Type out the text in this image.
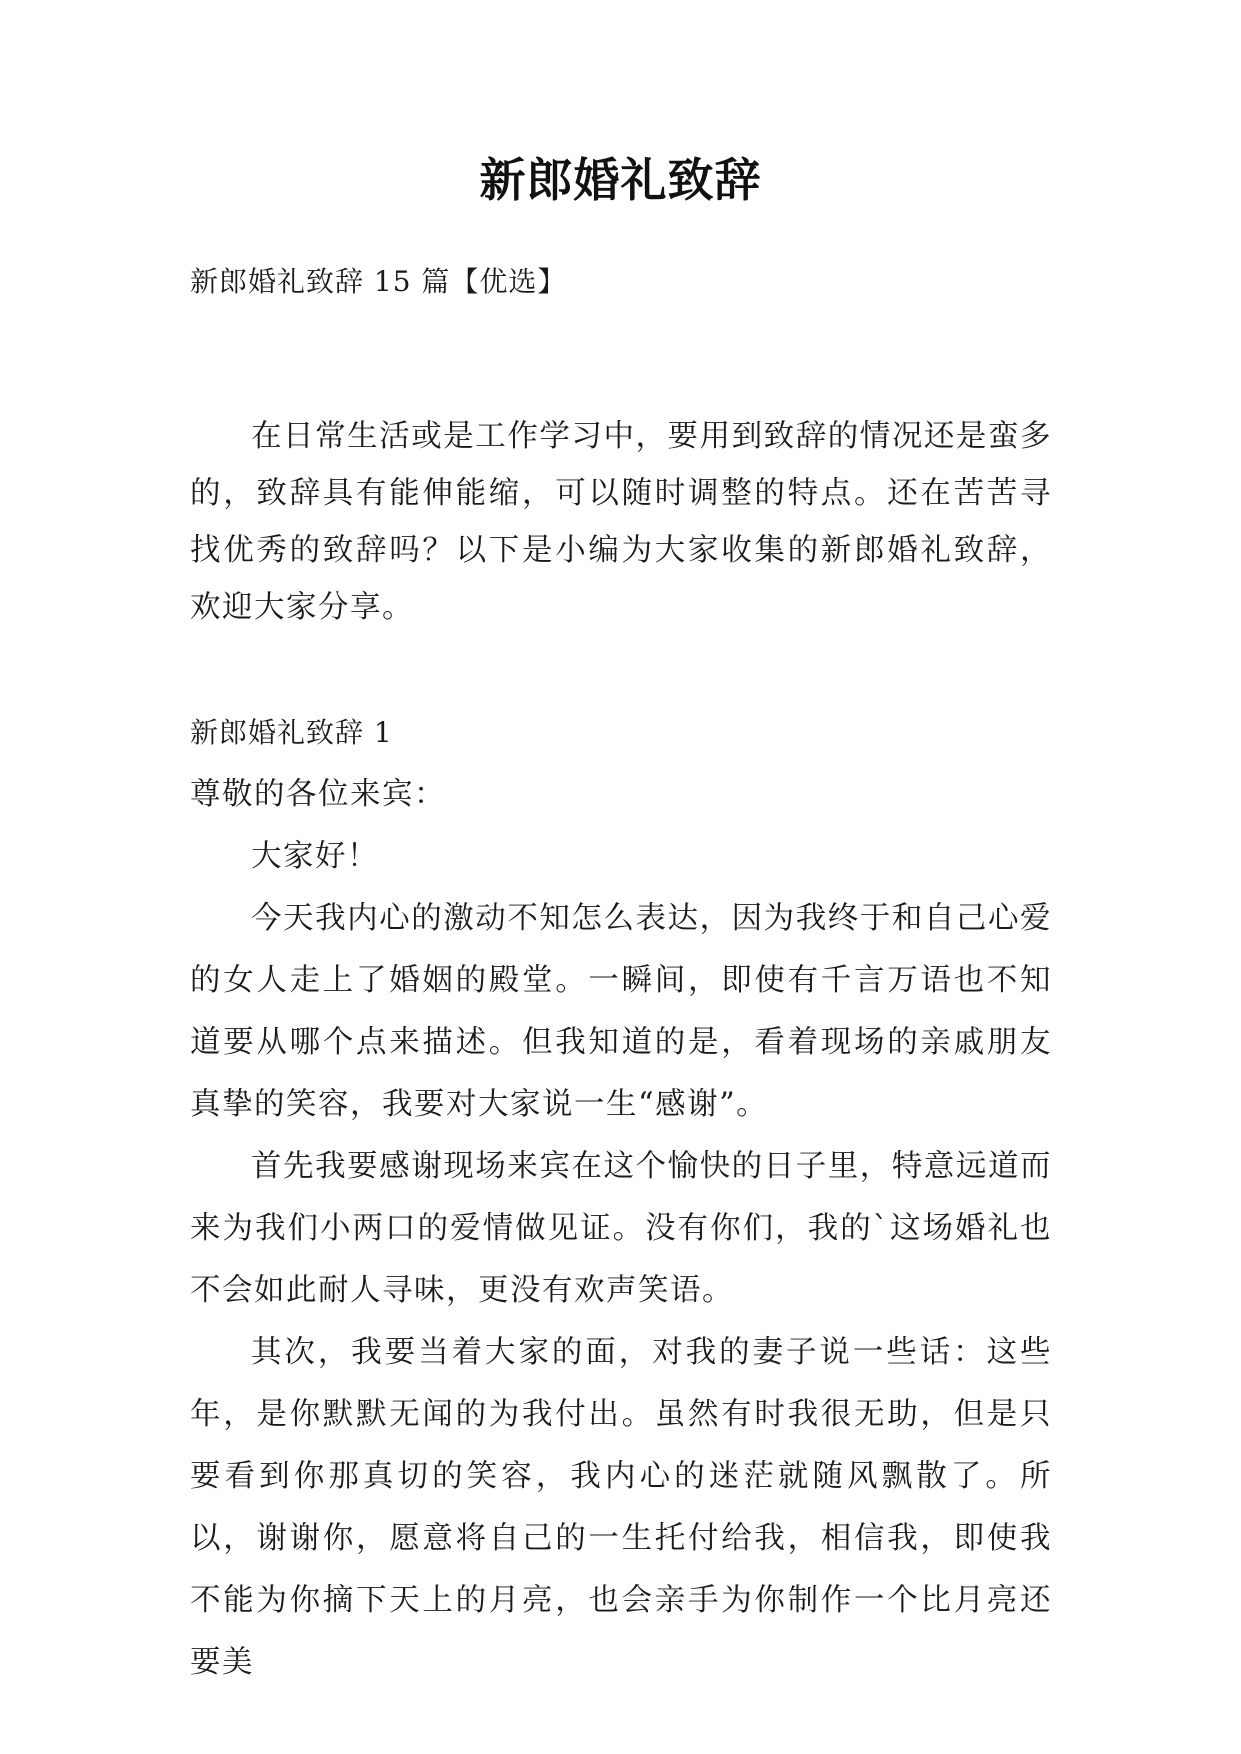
新郎婚礼致辞
新郎婚礼致辞 15 篇【优选】

在日常生活或是工作学习中，要用到致辞的情况还是蛮多的，致辞具有能伸能缩，可以随时调整的特点。还在苦苦寻找优秀的致辞吗？以下是小编为大家收集的新郎婚礼致辞，欢迎大家分享。

新郎婚礼致辞 1

尊敬的各位来宾：

大家好！

今天我内心的激动不知怎么表达，因为我终于和自己心爱的女人走上了婚姻的殿堂。一瞬间，即使有千言万语也不知道要从哪个点来描述。但我知道的是，看着现场的亲戚朋友真挚的笑容，我要对大家说一生“感谢”。

首先我要感谢现场来宾在这个愉快的日子里，特意远道而来为我们小两口的爱情做见证。没有你们，我的`这场婚礼也不会如此耐人寻味，更没有欢声笑语。

其次，我要当着大家的面，对我的妻子说一些话：这些年，是你默默无闻的为我付出。虽然有时我很无助，但是只要看到你那真切的笑容，我内心的迷茫就随风飘散了。所以，谢谢你，愿意将自己的一生托付给我，相信我，即使我不能为你摘下天上的月亮，也会亲手为你制作一个比月亮还要美
